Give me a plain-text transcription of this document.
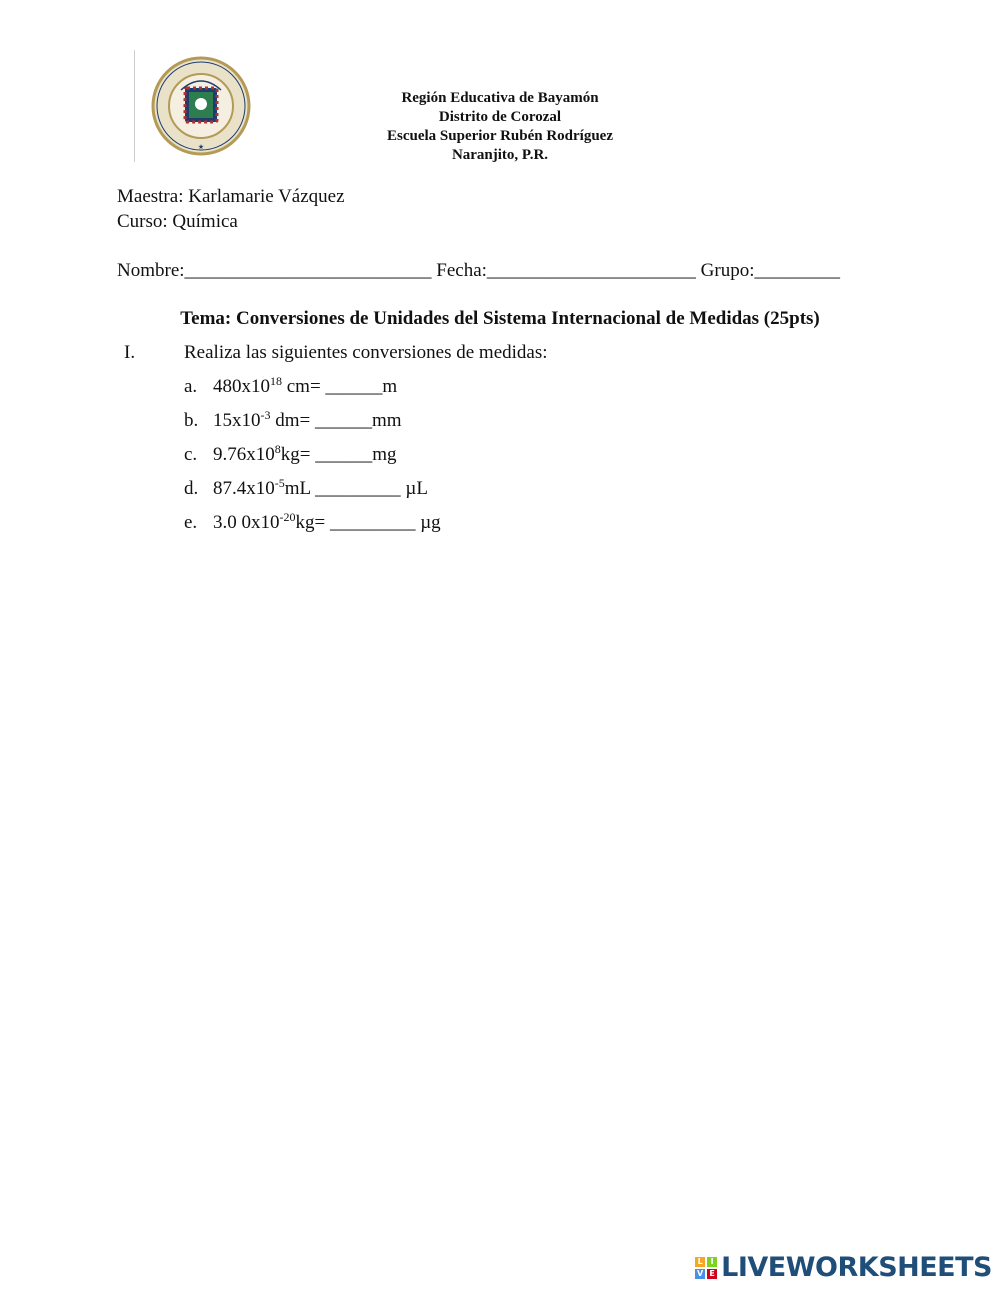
★
Región Educativa de Bayamón
Distrito de Corozal
Escuela Superior Rubén Rodríguez
Naranjito, P.R.
Maestra: Karlamarie Vázquez
Curso: Química
Nombre:__________________________ Fecha:______________________ Grupo:_________
Tema: Conversiones de Unidades del Sistema Internacional de Medidas (25pts)
I.	Realiza las siguientes conversiones de medidas:
a. $480x10^{18}$ cm= ______m
b. $15x10^{-3}$ dm= ______mm
c. $9.76x10^8kg=$ ______mg
d. $87.4x10^{-5}mL$ _________ µL
e. 3.0 $0x10^{-20}kg=$ _________ µg
L I
V E LIVEWORKSHEETS
